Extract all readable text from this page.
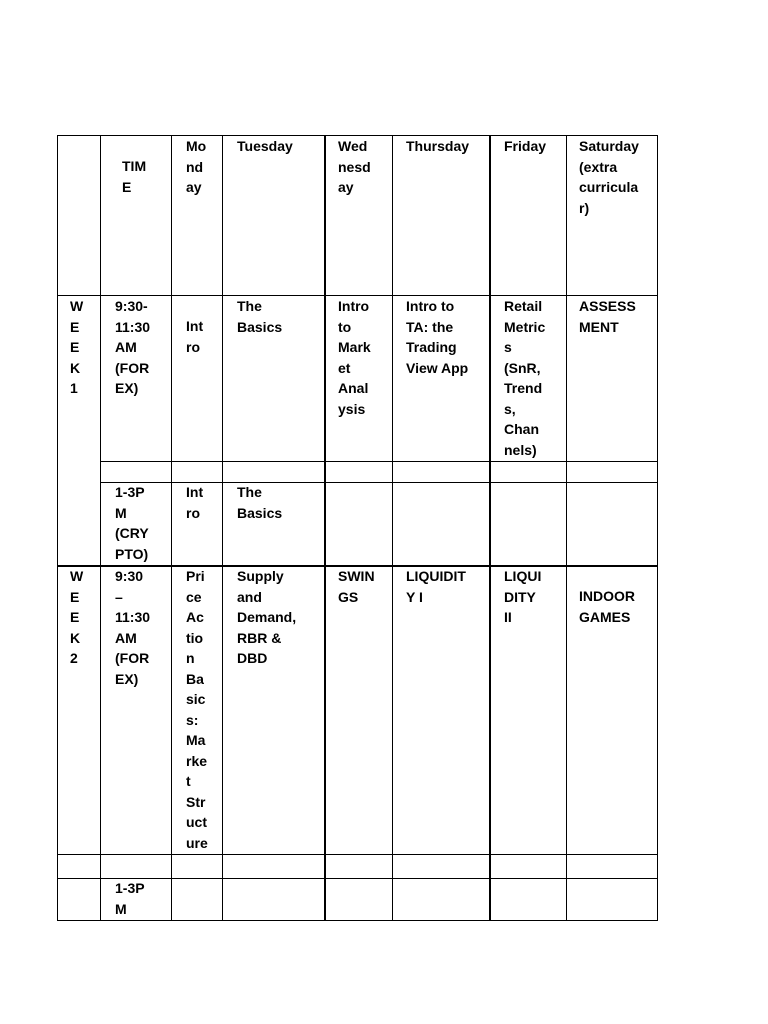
TIM
E
Mo
nd
ay
Tuesday	Wed
nesd
ay
Thursday Friday Saturday
(extra
curricula
r)
W
E
E
K
1
9:30-
11:30
AM
(FOR
EX)
Int
ro
The
Basics
Intro
to
Mark
et
Anal
ysis
Intro to
TA: the
Trading
View App
Retail
Metric
s
(SnR,
Trend
s,
Chan
nels)
ASSESS
MENT
1-3P
M
(CRY
PTO)
Int
ro
The
Basics
W
E
E
K
2
9:30
–
11:30
AM
(FOR
EX)
Pri
ce
Ac
tio
n
Ba
sic
s:
Ma
rke
t
Str
uct
ure
Supply
and
Demand,
RBR &
DBD
SWIN
GS
LIQUIDIT
Y I
LIQUI
DITY
II
INDOOR
GAMES
1-3P
M
